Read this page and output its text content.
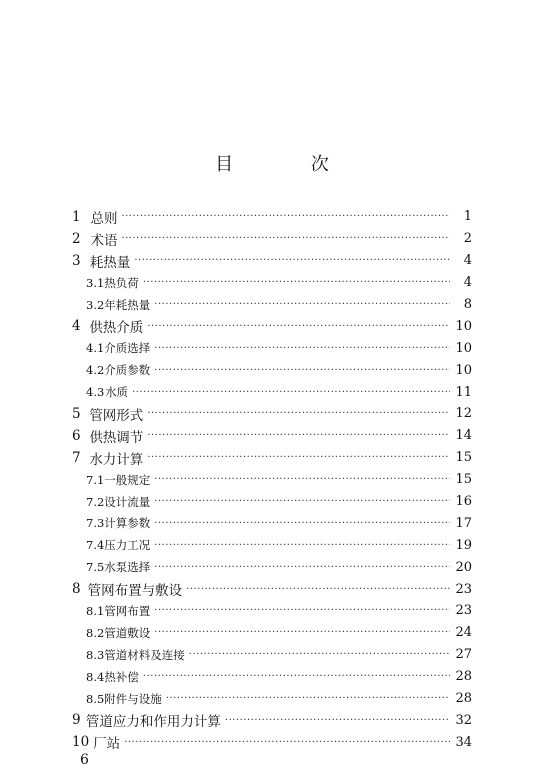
目 次
1 总则 ·····	1
2 术语 ·····	2
3 耗热量 ·····	4
3.1 热负荷 ·····	4
3.2 年耗热量 ·····	8
4 供热介质 ·····	10
4.1 介质选择 ·····	10
4.2 介质参数 ·····	10
4.3 水质 ·····	11
5 管网形式 ·····	12
6 供热调节 ·····	14
7 水力计算 ·····	15
7.1 一般规定 ·····	15
7.2 设计流量 ·····	16
7.3 计算参数 ·····	17
7.4 压力工况 ·····	19
7.5 水泵选择 ·····	20
8 管网布置与敷设 ·····	23
8.1 管网布置 ·····	23
8.2 管道敷设 ·····	24
8.3 管道材料及连接 ·····	27
8.4 热补偿 ·····	28
8.5 附件与设施 ·····	28
9 管道应力和作用力计算 ·····	32
10 厂站 ·····	34
6
